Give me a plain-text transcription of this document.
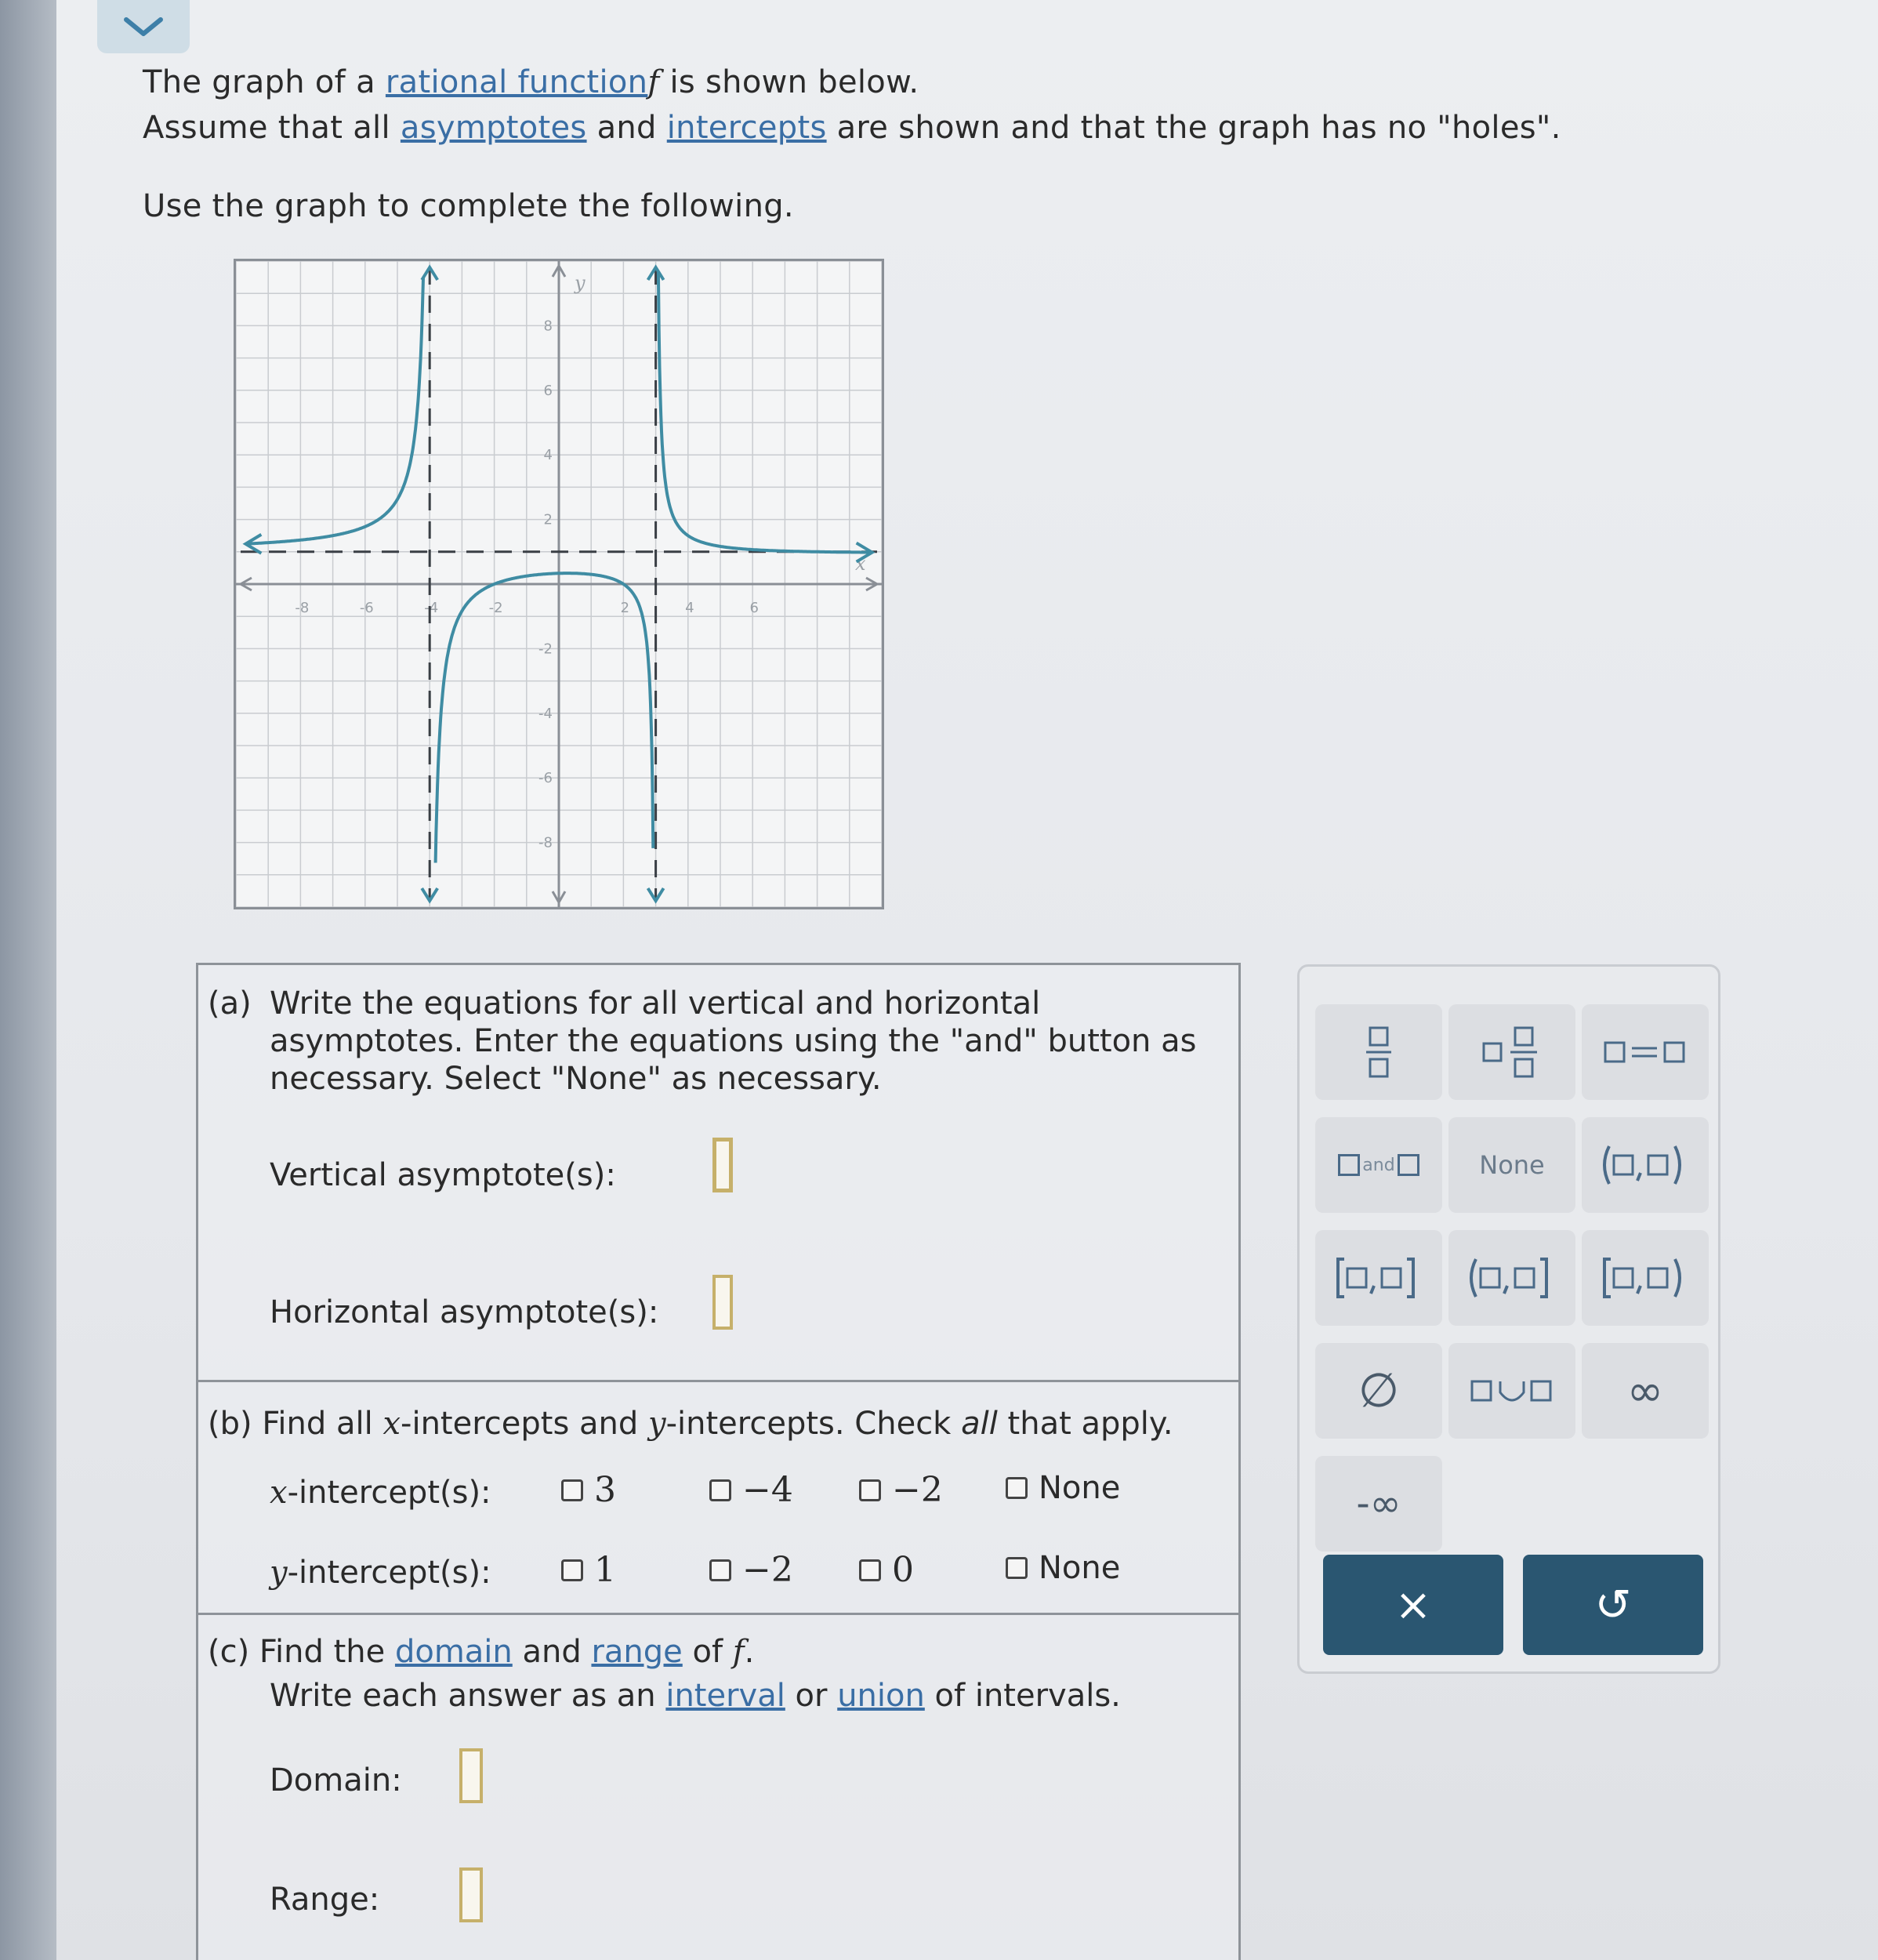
The graph of a rational functionf is shown below.
Assume that all asymptotes and intercepts are shown and that the graph has no "holes".
Use the graph to complete the following.
-8	-6	-4	-2	2	4	6
8
6
4
2
-2
-4
-6
-8
y
x
(a) Write the equations for all vertical and horizontal
asymptotes. Enter the equations using the "and" button as
necessary. Select "None" as necessary.
Vertical asymptote(s):
Horizontal asymptote(s):
(b) Find all x-intercepts and y-intercepts. Check all that apply.
x-intercept(s):	3	−4	−2	None
y-intercept(s):	1	−2	0	None
(c) Find the domain and range of f.
Write each answer as an interval or union of intervals.
Domain:
Range:
and	None
∅	∞
-∞
×	↺
